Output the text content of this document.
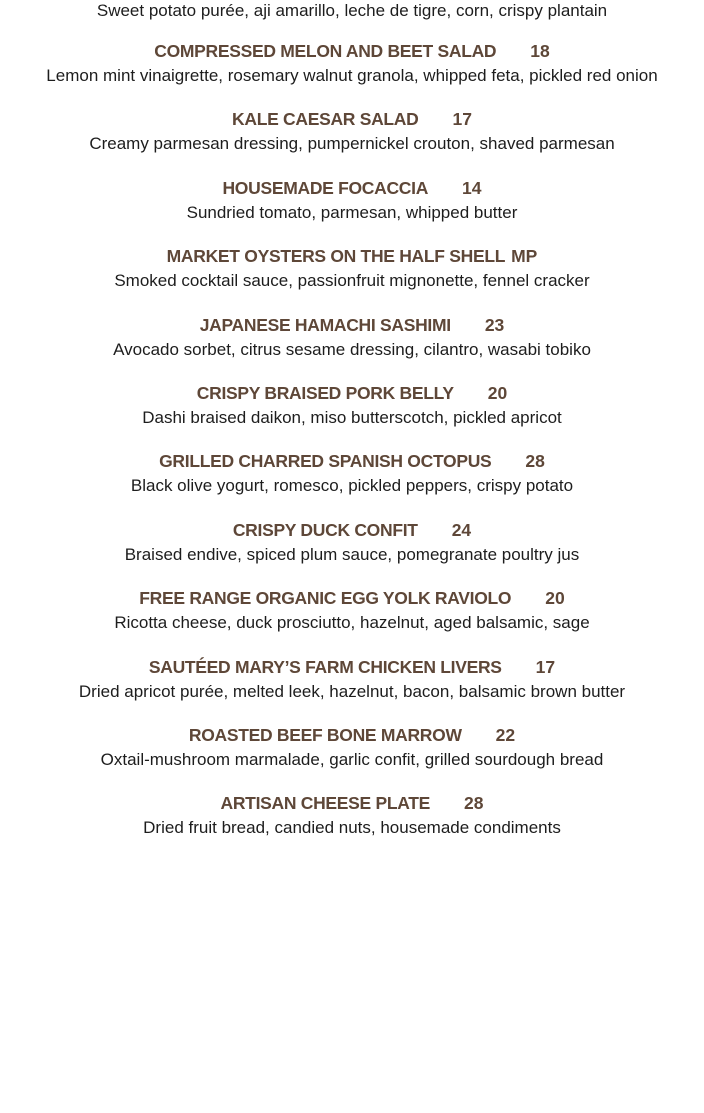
Sweet potato purée, aji amarillo, leche de tigre, corn, crispy plantain
COMPRESSED MELON AND BEET SALAD 18
Lemon mint vinaigrette, rosemary walnut granola, whipped feta, pickled red onion
KALE CAESAR SALAD 17
Creamy parmesan dressing, pumpernickel crouton, shaved parmesan
HOUSEMADE FOCACCIA 14
Sundried tomato, parmesan, whipped butter
MARKET OYSTERS ON THE HALF SHELL MP
Smoked cocktail sauce, passionfruit mignonette, fennel cracker
JAPANESE HAMACHI SASHIMI 23
Avocado sorbet, citrus sesame dressing, cilantro, wasabi tobiko
CRISPY BRAISED PORK BELLY 20
Dashi braised daikon, miso butterscotch, pickled apricot
GRILLED CHARRED SPANISH OCTOPUS 28
Black olive yogurt, romesco, pickled peppers, crispy potato
CRISPY DUCK CONFIT 24
Braised endive, spiced plum sauce, pomegranate poultry jus
FREE RANGE ORGANIC EGG YOLK RAVIOLO 20
Ricotta cheese, duck prosciutto, hazelnut, aged balsamic, sage
SAUTÉED MARY’S FARM CHICKEN LIVERS 17
Dried apricot purée, melted leek, hazelnut, bacon, balsamic brown butter
ROASTED BEEF BONE MARROW 22
Oxtail-mushroom marmalade, garlic confit, grilled sourdough bread
ARTISAN CHEESE PLATE 28
Dried fruit bread, candied nuts, housemade condiments
